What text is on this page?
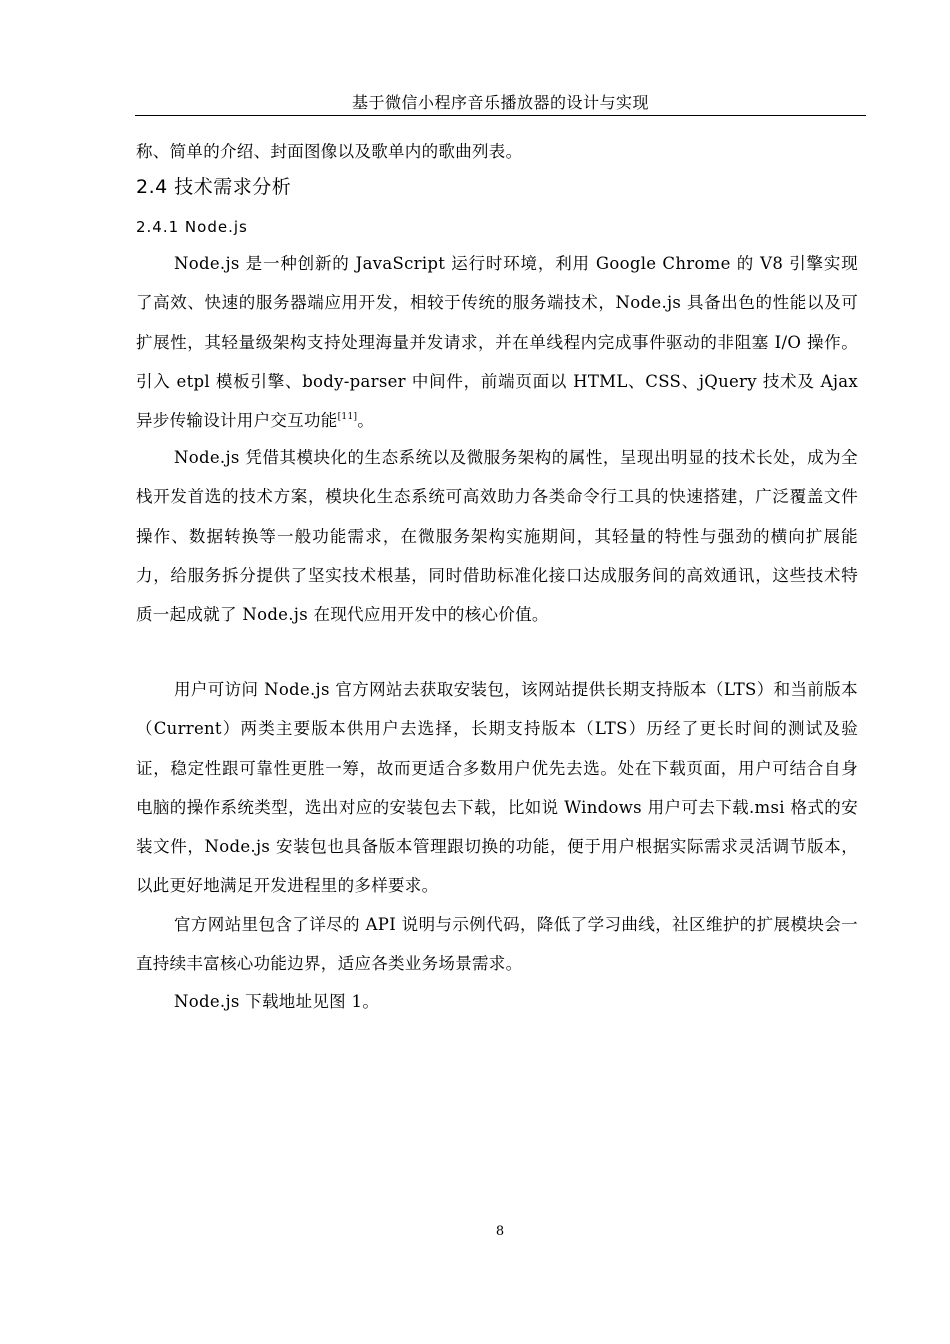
基于微信小程序音乐播放器的设计与实现

称、简单的介绍、封面图像以及歌单内的歌曲列表。

2.4 技术需求分析
2.4.1 Node.js

Node.js 是一种创新的 JavaScript 运行时环境，利用 Google Chrome 的 V8 引擎实现了高效、快速的服务器端应用开发，相较于传统的服务端技术，Node.js 具备出色的性能以及可扩展性，其轻量级架构支持处理海量并发请求，并在单线程内完成事件驱动的非阻塞 I/O 操作。引入 etpl 模板引擎、body-parser 中间件，前端页面以 HTML、CSS、jQuery 技术及 Ajax 异步传输设计用户交互功能[11]。

Node.js 凭借其模块化的生态系统以及微服务架构的属性，呈现出明显的技术长处，成为全栈开发首选的技术方案，模块化生态系统可高效助力各类命令行工具的快速搭建，广泛覆盖文件操作、数据转换等一般功能需求，在微服务架构实施期间，其轻量的特性与强劲的横向扩展能力，给服务拆分提供了坚实技术根基，同时借助标准化接口达成服务间的高效通讯，这些技术特质一起成就了 Node.js 在现代应用开发中的核心价值。

用户可访问 Node.js 官方网站去获取安装包，该网站提供长期支持版本（LTS）和当前版本（Current）两类主要版本供用户去选择，长期支持版本（LTS）历经了更长时间的测试及验证，稳定性跟可靠性更胜一筹，故而更适合多数用户优先去选。处在下载页面，用户可结合自身电脑的操作系统类型，选出对应的安装包去下载，比如说 Windows 用户可去下载.msi 格式的安装文件，Node.js 安装包也具备版本管理跟切换的功能，便于用户根据实际需求灵活调节版本，以此更好地满足开发进程里的多样要求。

官方网站里包含了详尽的 API 说明与示例代码，降低了学习曲线，社区维护的扩展模块会一直持续丰富核心功能边界，适应各类业务场景需求。

Node.js 下载地址见图 1。

8
